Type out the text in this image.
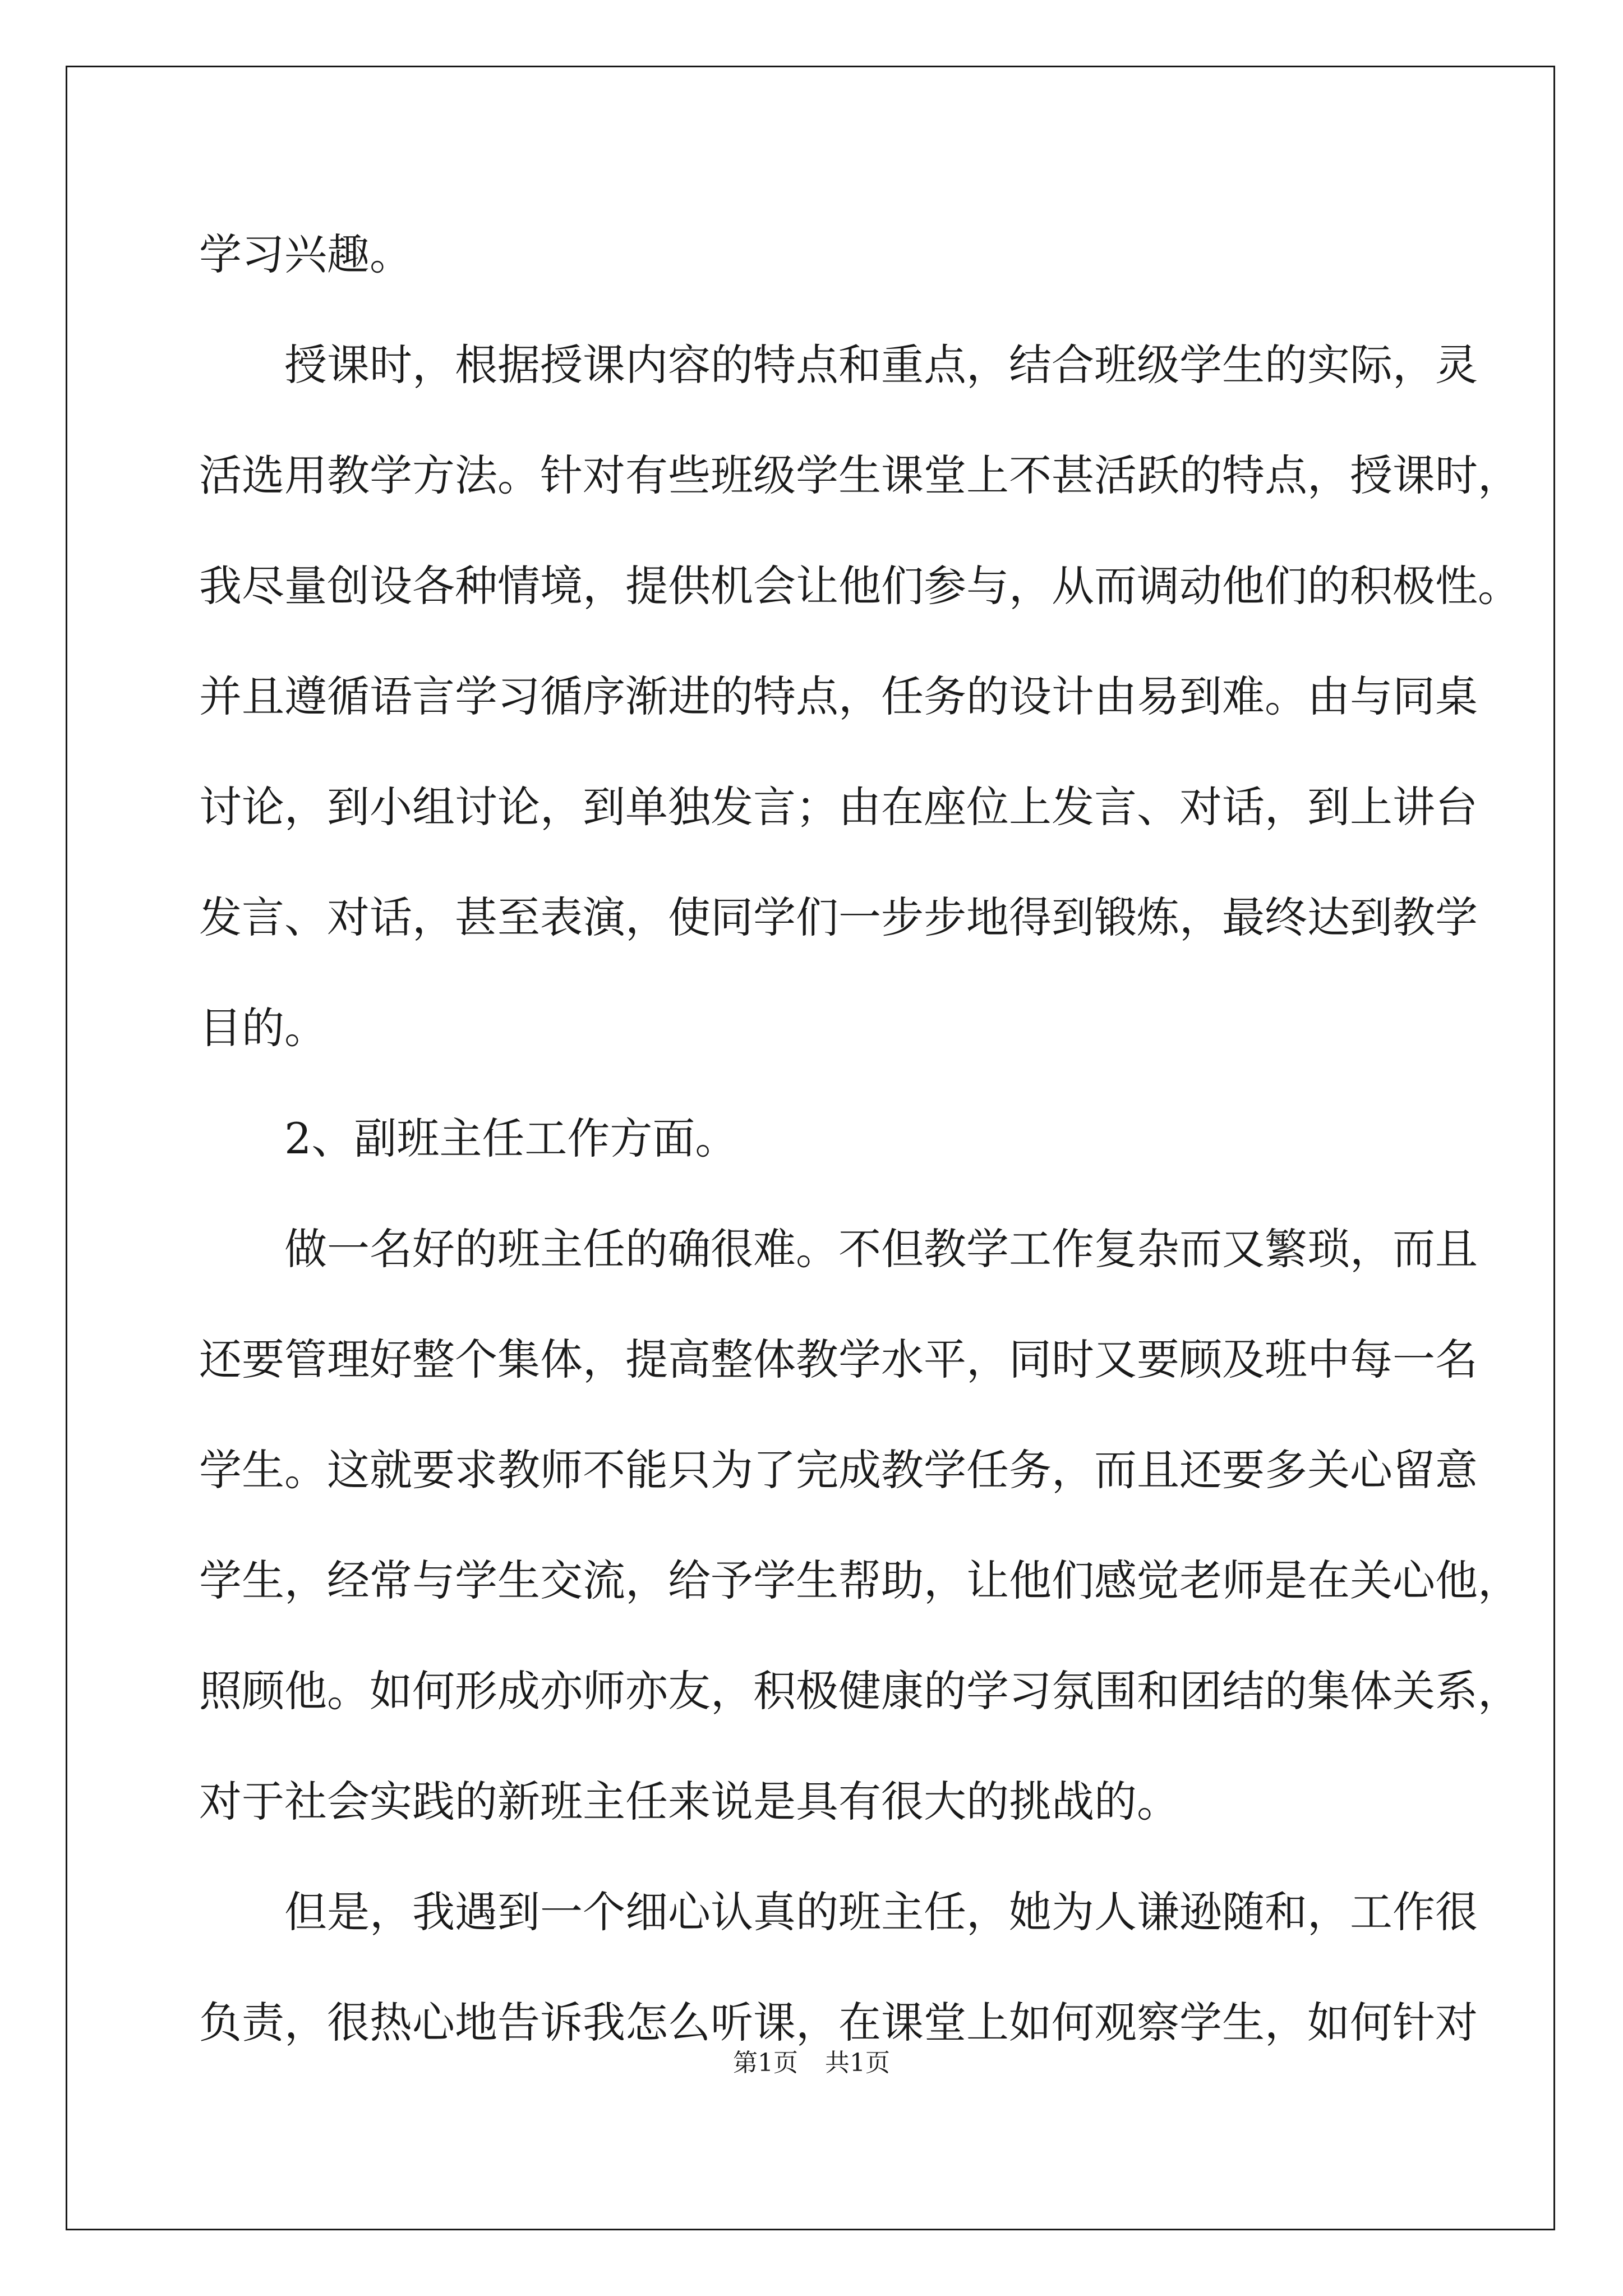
学习兴趣。

授课时，根据授课内容的特点和重点，结合班级学生的实际，灵

活选用教学方法。针对有些班级学生课堂上不甚活跃的特点，授课时，

我尽量创设各种情境，提供机会让他们参与，从而调动他们的积极性。

并且遵循语言学习循序渐进的特点，任务的设计由易到难。由与同桌

讨论，到小组讨论，到单独发言；由在座位上发言、对话，到上讲台

发言、对话，甚至表演，使同学们一步步地得到锻炼，最终达到教学

目的。

2、副班主任工作方面。

做一名好的班主任的确很难。不但教学工作复杂而又繁琐，而且

还要管理好整个集体，提高整体教学水平，同时又要顾及班中每一名

学生。这就要求教师不能只为了完成教学任务，而且还要多关心留意

学生，经常与学生交流，给予学生帮助，让他们感觉老师是在关心他，

照顾他。如何形成亦师亦友，积极健康的学习氛围和团结的集体关系，

对于社会实践的新班主任来说是具有很大的挑战的。

但是，我遇到一个细心认真的班主任，她为人谦逊随和，工作很

负责，很热心地告诉我怎么听课，在课堂上如何观察学生，如何针对

第1页 共1页
